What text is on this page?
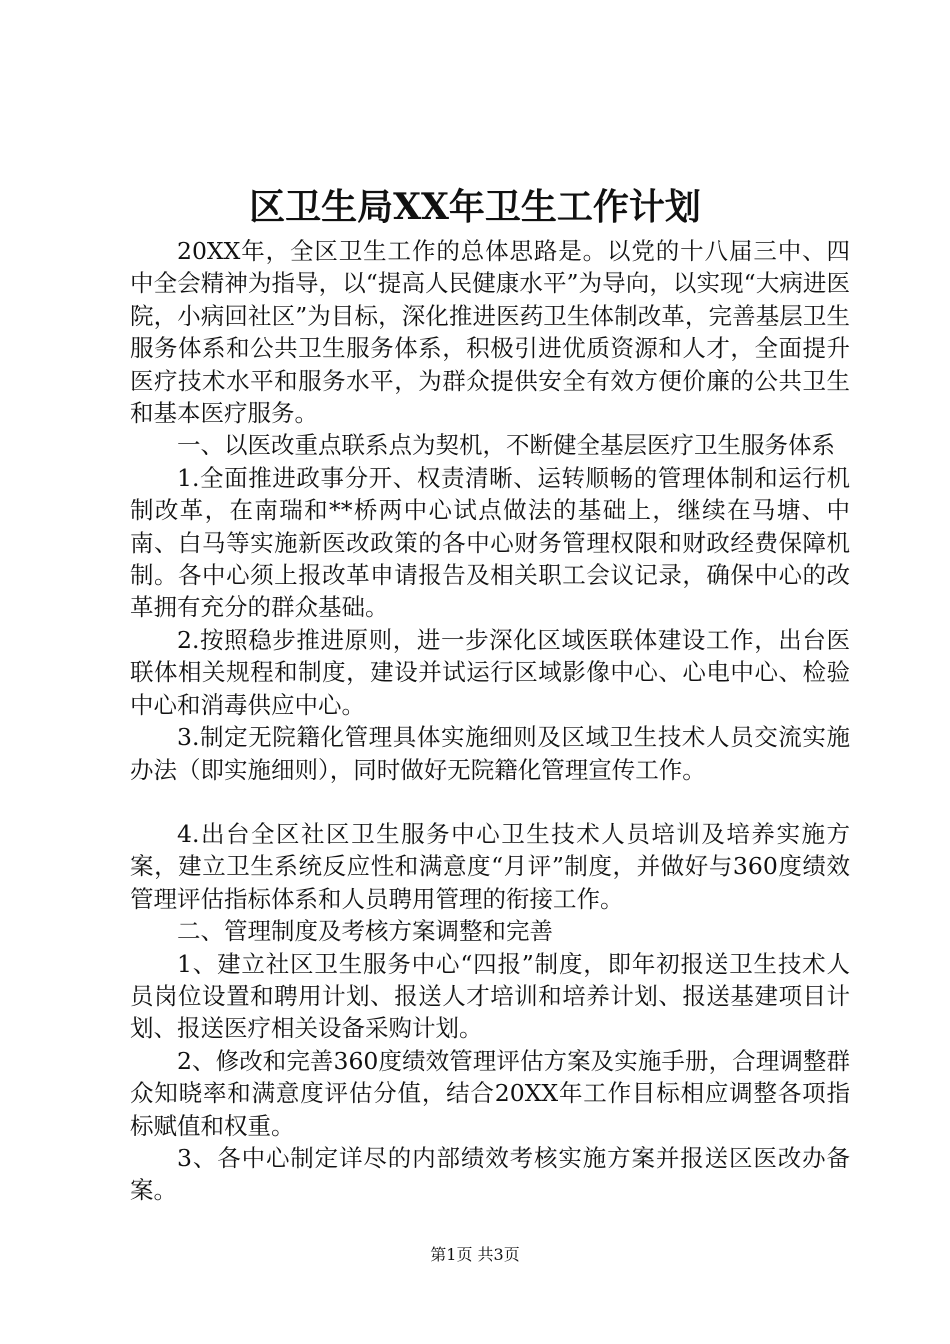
区卫生局XX年卫生工作计划

20XX年，全区卫生工作的总体思路是。以党的十八届三中、四中全会精神为指导，以“提高人民健康水平”为导向，以实现“大病进医院，小病回社区”为目标，深化推进医药卫生体制改革，完善基层卫生服务体系和公共卫生服务体系，积极引进优质资源和人才，全面提升医疗技术水平和服务水平，为群众提供安全有效方便价廉的公共卫生和基本医疗服务。

一、以医改重点联系点为契机，不断健全基层医疗卫生服务体系

1.全面推进政事分开、权责清晰、运转顺畅的管理体制和运行机制改革，在南瑞和**桥两中心试点做法的基础上，继续在马塘、中南、白马等实施新医改政策的各中心财务管理权限和财政经费保障机制。各中心须上报改革申请报告及相关职工会议记录，确保中心的改革拥有充分的群众基础。

2.按照稳步推进原则，进一步深化区域医联体建设工作，出台医联体相关规程和制度，建设并试运行区域影像中心、心电中心、检验中心和消毒供应中心。

3.制定无院籍化管理具体实施细则及区域卫生技术人员交流实施办法（即实施细则），同时做好无院籍化管理宣传工作。

4.出台全区社区卫生服务中心卫生技术人员培训及培养实施方案，建立卫生系统反应性和满意度“月评”制度，并做好与360度绩效管理评估指标体系和人员聘用管理的衔接工作。

二、管理制度及考核方案调整和完善

1、建立社区卫生服务中心“四报”制度，即年初报送卫生技术人员岗位设置和聘用计划、报送人才培训和培养计划、报送基建项目计划、报送医疗相关设备采购计划。

2、修改和完善360度绩效管理评估方案及实施手册，合理调整群众知晓率和满意度评估分值，结合20XX年工作目标相应调整各项指标赋值和权重。

3、各中心制定详尽的内部绩效考核实施方案并报送区医改办备案。

第1页 共3页
